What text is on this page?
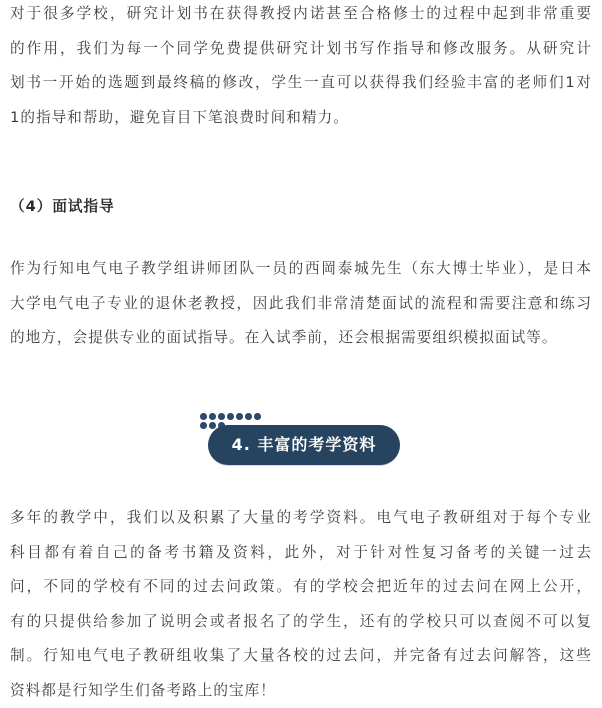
对于很多学校，研究计划书在获得教授内诺甚至合格修士的过程中起到非常重要
的作用，我们为每一个同学免费提供研究计划书写作指导和修改服务。从研究计
划书一开始的选题到最终稿的修改，学生一直可以获得我们经验丰富的老师们1对
1的指导和帮助，避免盲目下笔浪费时间和精力。
（4）面试指导
作为行知电气电子教学组讲师团队一员的西岡泰城先生（东大博士毕业），是日本
大学电气电子专业的退休老教授，因此我们非常清楚面试的流程和需要注意和练习
的地方，会提供专业的面试指导。在入试季前，还会根据需要组织模拟面试等。
4. 丰富的考学资料
多年的教学中，我们以及积累了大量的考学资料。电气电子教研组对于每个专业
科目都有着自己的备考书籍及资料，此外，对于针对性复习备考的关键一过去
问，不同的学校有不同的过去问政策。有的学校会把近年的过去问在网上公开，
有的只提供给参加了说明会或者报名了的学生，还有的学校只可以查阅不可以复
制。行知电气电子教研组收集了大量各校的过去问，并完备有过去问解答，这些
资料都是行知学生们备考路上的宝库！
